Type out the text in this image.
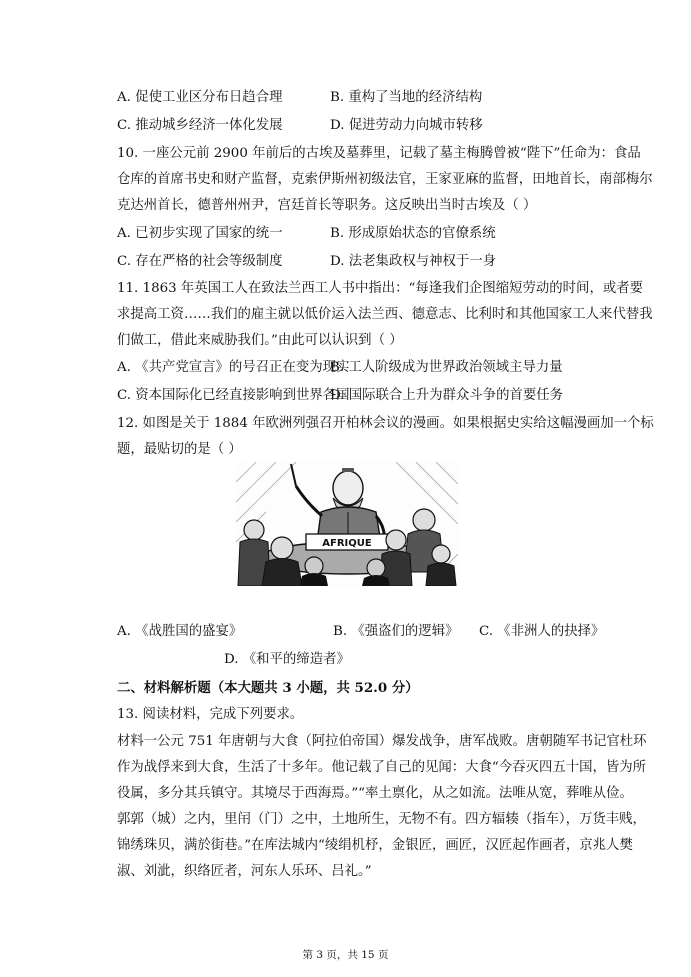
A. 促使工业区分布日趋合理	B. 重构了当地的经济结构
C. 推动城乡经济一体化发展	D. 促进劳动力向城市转移
10. 一座公元前 2900 年前后的古埃及墓葬里，记载了墓主梅腾曾被“陛下”任命为：食品
仓库的首席书史和财产监督，克索伊斯州初级法官，王家亚麻的监督，田地首长，南部梅尔
克达州首长，德普州州尹，宫廷首长等职务。这反映出当时古埃及（ ）
A. 已初步实现了国家的统一	B. 形成原始状态的官僚系统
C. 存在严格的社会等级制度	D. 法老集政权与神权于一身
11. 1863 年英国工人在致法兰西工人书中指出：“每逢我们企图缩短劳动的时间，或者要
求提高工资……我们的雇主就以低价运入法兰西、德意志、比利时和其他国家工人来代替我
们做工，借此来威胁我们。”由此可以认识到（ ）
A. 《共产党宣言》的号召正在变为现实
B. 工人阶级成为世界政治领域主导力量
C. 资本国际化已经直接影响到世界各国
D. 国际联合上升为群众斗争的首要任务
12. 如图是关于 1884 年欧洲列强召开柏林会议的漫画。如果根据史实给这幅漫画加一个标
题，最贴切的是（ ）
AFRIQUE
A. 《战胜国的盛宴》	B. 《强盗们的逻辑》 C. 《非洲人的抉择》
D. 《和平的缔造者》
二、材料解析题（本大题共 3 小题，共 52.0 分）
13. 阅读材料，完成下列要求。
材料一公元 751 年唐朝与大食（阿拉伯帝国）爆发战争，唐军战败。唐朝随军书记官杜环
作为战俘来到大食，生活了十多年。他记载了自己的见闻：大食“今吞灭四五十国，皆为所
役属，多分其兵镇守。其境尽于西海焉。”“率土禀化，从之如流。法唯从宽，葬唯从俭。
郭郭（城）之内，里闬（门）之中，土地所生，无物不有。四方辐辏（指车），万货丰贱，
锦绣珠贝，满於街巷。”在库法城内“绫绢机杼，金银匠，画匠，汉匠起作画者，京兆人樊
淑、刘泚，织络匠者，河东人乐环、吕礼。”
第 3 页，共 15 页
